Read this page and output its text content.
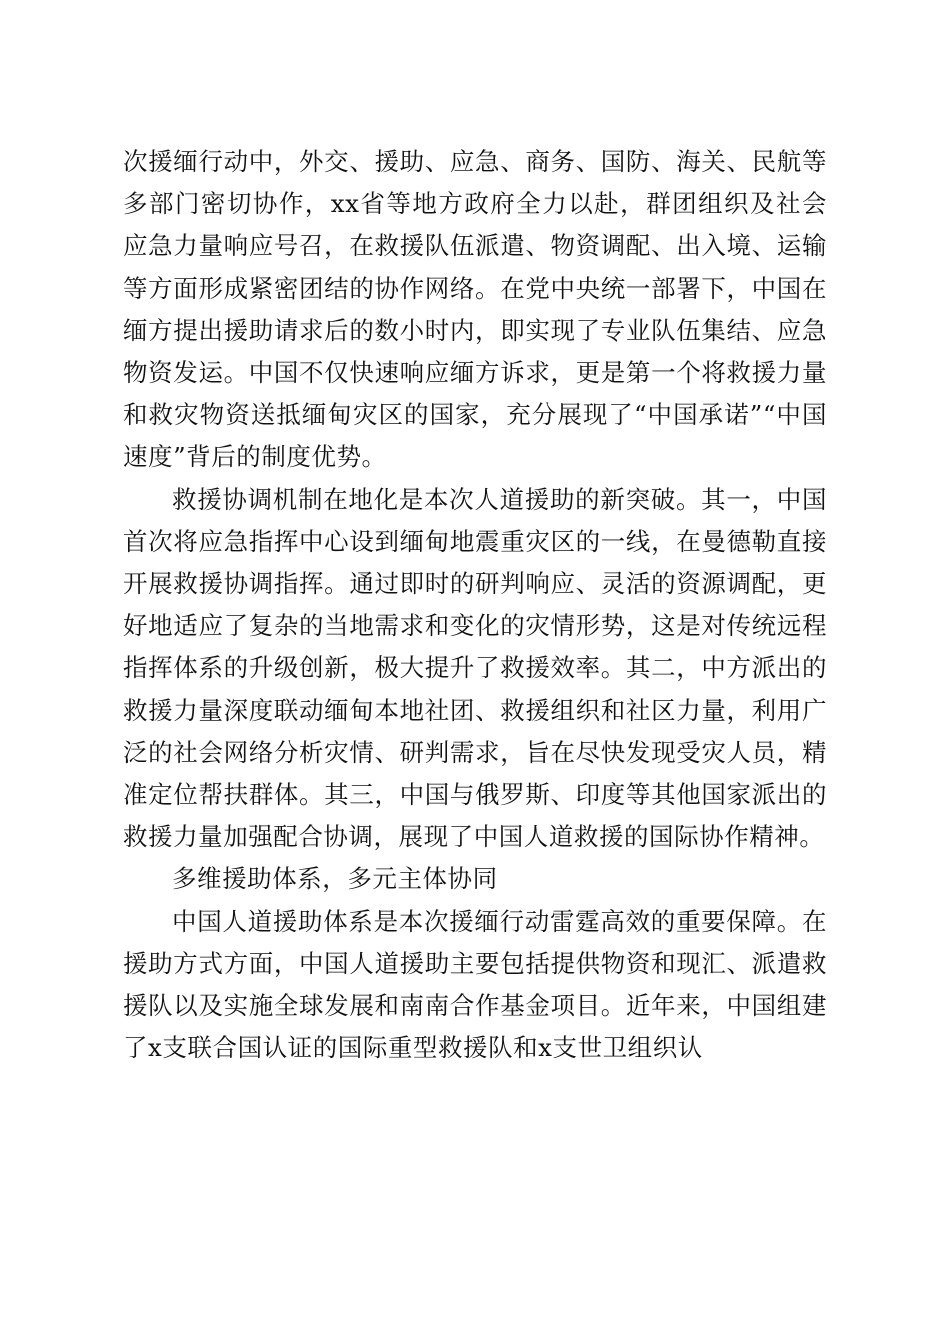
次援缅行动中，外交、援助、应急、商务、国防、海关、民航等多部门密切协作，xx省等地方政府全力以赴，群团组织及社会应急力量响应号召，在救援队伍派遣、物资调配、出入境、运输等方面形成紧密团结的协作网络。在党中央统一部署下，中国在缅方提出援助请求后的数小时内，即实现了专业队伍集结、应急物资发运。中国不仅快速响应缅方诉求，更是第一个将救援力量和救灾物资送抵缅甸灾区的国家，充分展现了“中国承诺”“中国速度”背后的制度优势。

救援协调机制在地化是本次人道援助的新突破。其一，中国首次将应急指挥中心设到缅甸地震重灾区的一线，在曼德勒直接开展救援协调指挥。通过即时的研判响应、灵活的资源调配，更好地适应了复杂的当地需求和变化的灾情形势，这是对传统远程指挥体系的升级创新，极大提升了救援效率。其二，中方派出的救援力量深度联动缅甸本地社团、救援组织和社区力量，利用广泛的社会网络分析灾情、研判需求，旨在尽快发现受灾人员，精准定位帮扶群体。其三，中国与俄罗斯、印度等其他国家派出的救援力量加强配合协调，展现了中国人道救援的国际协作精神。

多维援助体系，多元主体协同

中国人道援助体系是本次援缅行动雷霆高效的重要保障。在援助方式方面，中国人道援助主要包括提供物资和现汇、派遣救援队以及实施全球发展和南南合作基金项目。近年来，中国组建了x支联合国认证的国际重型救援队和x支世卫组织认
